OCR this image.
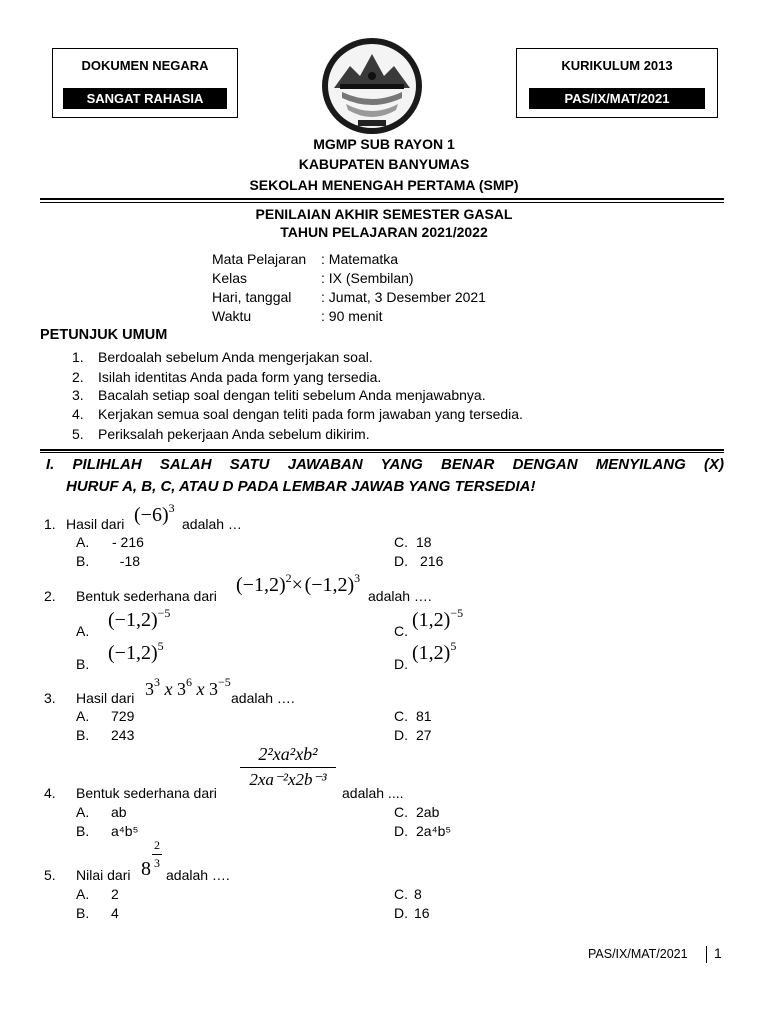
DOKUMEN NEGARA
SANGAT RAHASIA
KURIKULUM 2013
PAS/IX/MAT/2021
MGMP SUB RAYON 1
KABUPATEN BANYUMAS
SEKOLAH MENENGAH PERTAMA (SMP)
PENILAIAN AKHIR SEMESTER GASAL
TAHUN PELAJARAN 2021/2022
Mata Pelajaran : Matematka
Kelas	: IX (Sembilan)
Hari, tanggal : Jumat, 3 Desember 2021
Waktu	: 90 menit
PETUNJUK UMUM
1. Berdoalah sebelum Anda mengerjakan soal.
2. Isilah identitas Anda pada form yang tersedia.
3. Bacalah setiap soal dengan teliti sebelum Anda menjawabnya.
4. Kerjakan semua soal dengan teliti pada form jawaban yang tersedia.
5. Periksalah pekerjaan Anda sebelum dikirim.
I. PILIHLAH SALAH SATU JAWABAN YANG BENAR DENGAN MENYILANG (X)
HURUF A, B, C, ATAU D PADA LEMBAR JAWAB YANG TERSEDIA!
1. Hasil dari $(-6)^3$
adalah …
A. - 216	C. 18
B. -18	D. 216
2. Bentuk sederhana dari $(-1,2)^2\times$ $(-1,2)^3$
adalah ….
A. $(-1,2)^{-5}$
C. $(1,2)^{-5}$
B. $(-1,2)^5$
D. $(1,2)^5$
3. Hasil dari $3^3$ x $3^6$ x $3^{-5}$
adalah ….
A. 729	C. 81
B. 243	D. 27
4. Bentuk sederhana dari
2²xa²xb²
2xa⁻²x2b⁻³
adalah ....
A. ab	C. 2ab
B. a⁴b⁵	D. 2a⁴b⁵
5. Nilai dari 8
2
3
adalah ….
A. 2	C. 8
B. 4	D. 16
PAS/IX/MAT/2021 1
